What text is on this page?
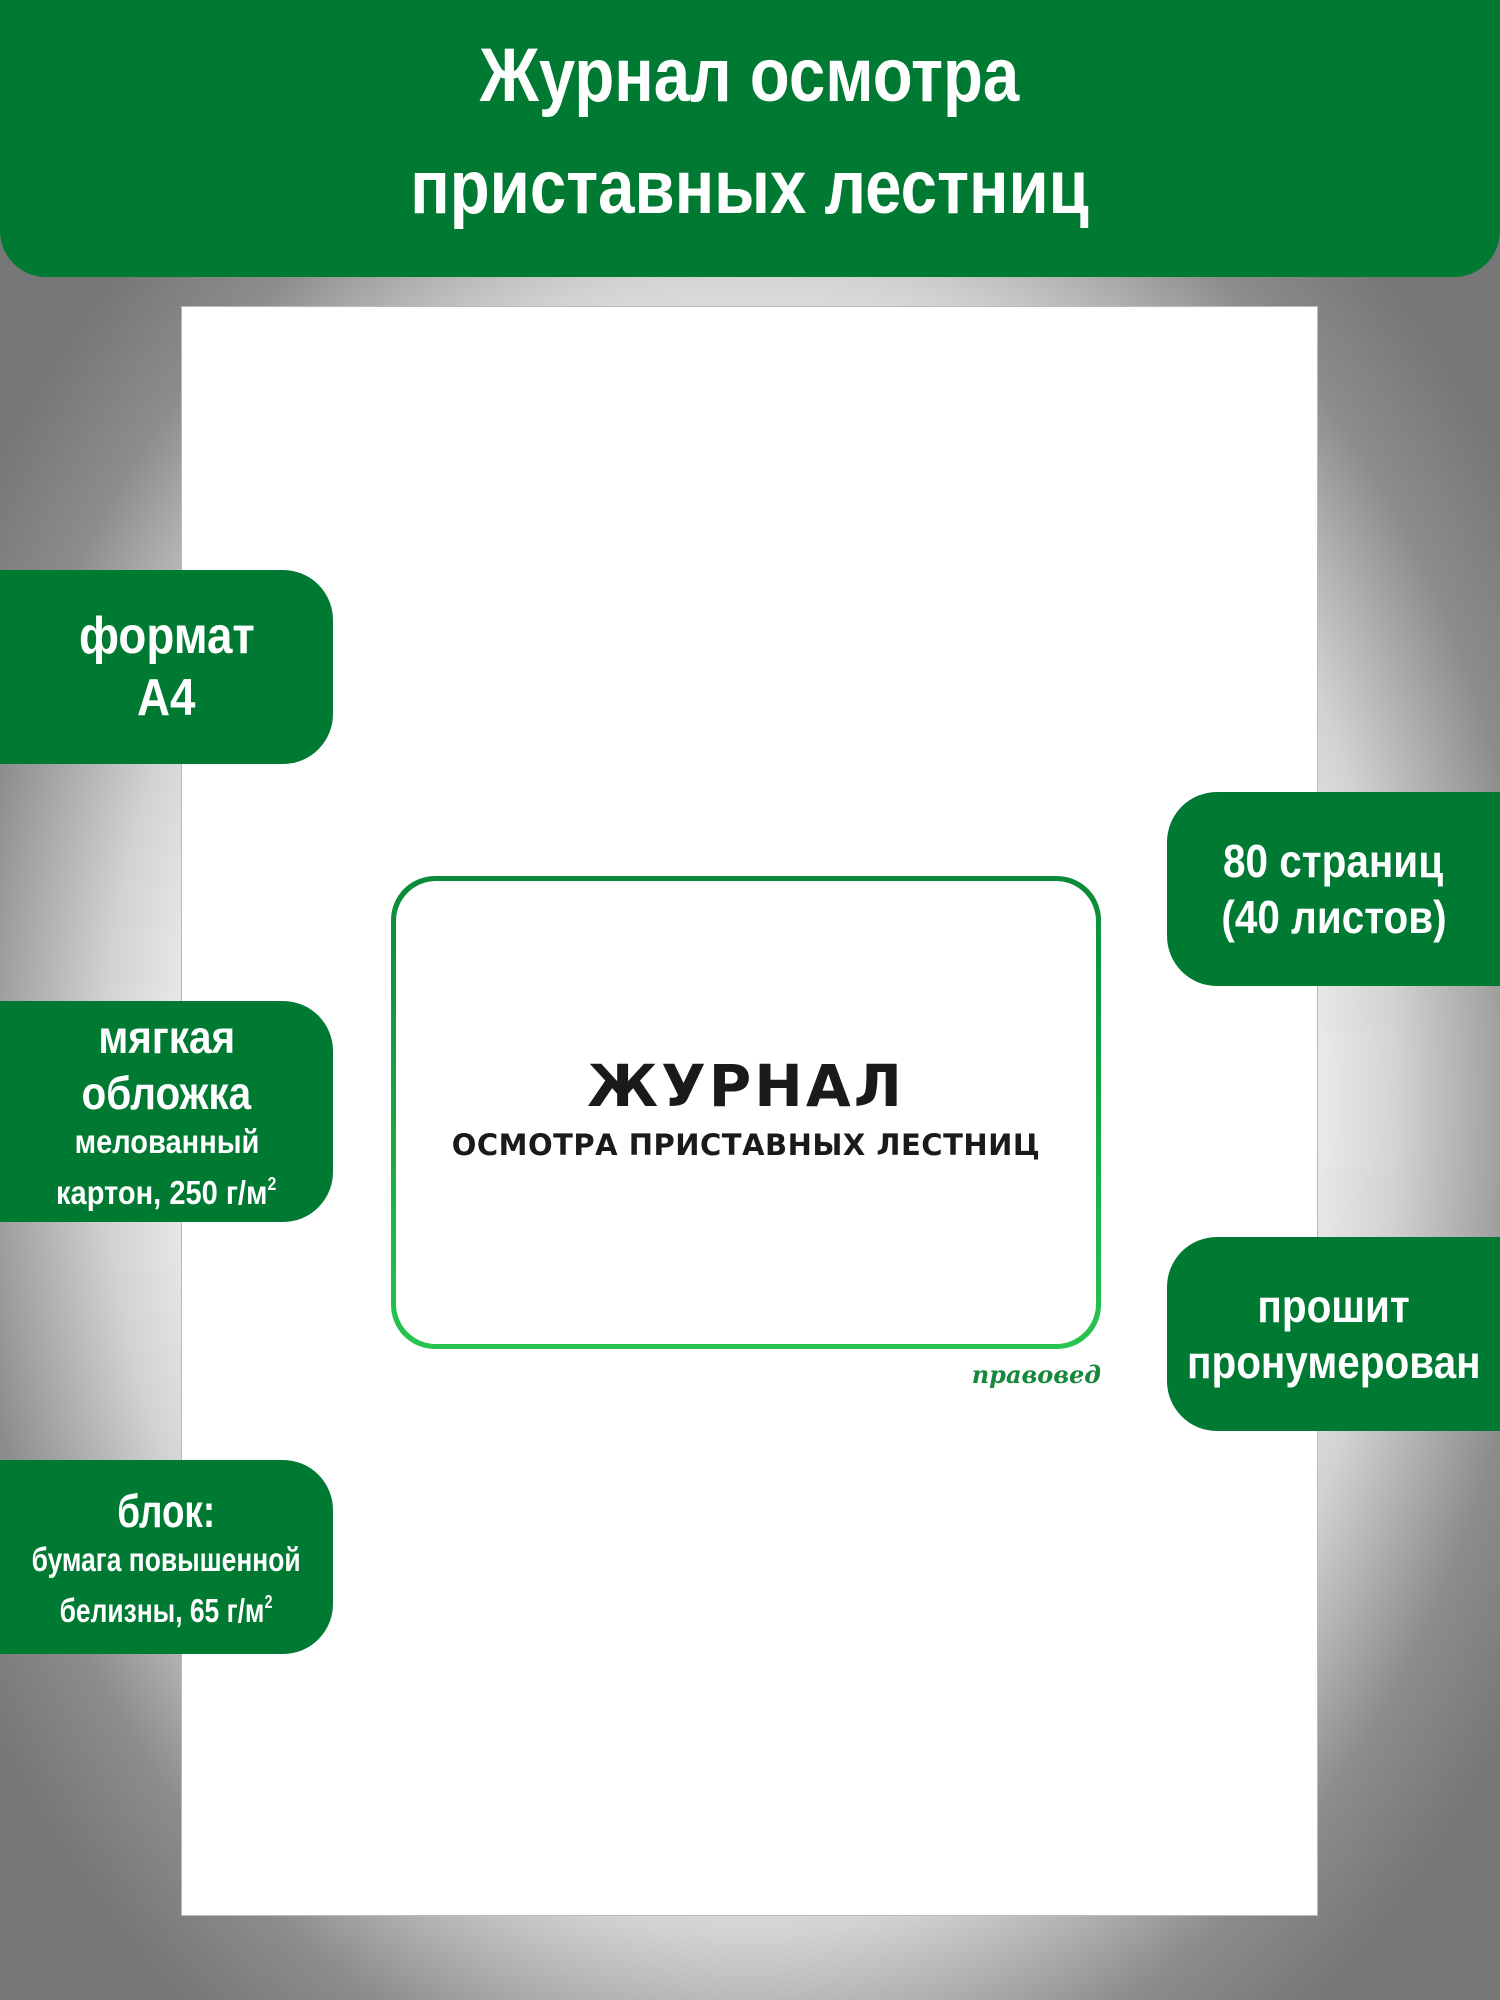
Журнал осмотра
приставных лестниц
ЖУРНАЛ
ОСМОТРА ПРИСТАВНЫХ ЛЕСТНИЦ
правовед
формат
А4
мягкая
обложка
мелованный
картон, 250 $г/м^2$
блок:
бумага повышенной
белизны, 65 $г/м^2$
80 страниц
(40 листов)
прошит
пронумерован
